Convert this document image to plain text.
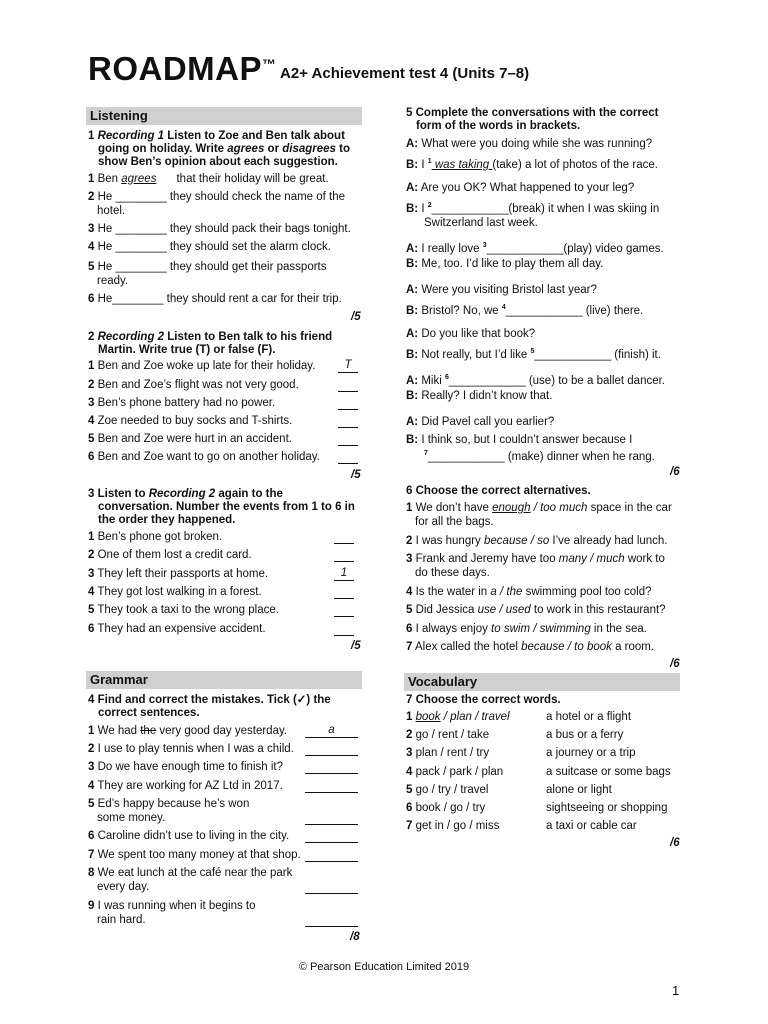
ROADMAP ™
A2+ Achievement test 4 (Units 7–8)
Listening
1 Recording 1 Listen to Zoe and Ben talk about
going on holiday. Write agrees or disagrees to
show Ben’s opinion about each suggestion.
1 Ben agrees that their holiday will be great.
2 He ________ they should check the name of the
hotel.
3 He ________ they should pack their bags tonight.
4 He ________ they should set the alarm clock.
5 He ________ they should get their passports
ready.
6 He________ they should rent a car for their trip.
/5
2 Recording 2 Listen to Ben talk to his friend
Martin. Write true (T) or false (F).
1 Ben and Zoe woke up late for their holiday.	T
2 Ben and Zoe’s flight was not very good.
3 Ben’s phone battery had no power.
4 Zoe needed to buy socks and T-shirts.
5 Ben and Zoe were hurt in an accident.
6 Ben and Zoe want to go on another holiday.
/5
3 Listen to Recording 2 again to the
conversation. Number the events from 1 to 6 in
the order they happened.
1 Ben’s phone got broken.
2 One of them lost a credit card.
3 They left their passports at home.	1
4 They got lost walking in a forest.
5 They took a taxi to the wrong place.
6 They had an expensive accident.
/5
Grammar
4 Find and correct the mistakes. Tick (✓) the
correct sentences.
1 We had the very good day yesterday.	a
2 I use to play tennis when I was a child.
3 Do we have enough time to finish it?
4 They are working for AZ Ltd in 2017.
5 Ed’s happy because he’s won
some money.
6 Caroline didn’t use to living in the city.
7 We spent too many money at that shop.
8 We eat lunch at the café near the park
every day.
9 I was running when it begins to
rain hard.
/8
5 Complete the conversations with the correct
form of the words in brackets.
A: What were you doing while she was running?
B: I $^1$ was taking (take) a lot of photos of the race.
A: Are you OK? What happened to your leg?
B: I $^2$____________(break) it when I was skiing in
Switzerland last week.
A: I really love $^3$____________(play) video games.
B: Me, too. I’d like to play them all day.
A: Were you visiting Bristol last year?
B: Bristol? No, we $^4$____________ (live) there.
A: Do you like that book?
B: Not really, but I’d like $^5$____________ (finish) it.
A: Miki $^6$____________ (use) to be a ballet dancer.
B: Really? I didn’t know that.
A: Did Pavel call you earlier?
B: I think so, but I couldn’t answer because I
$^7$____________ (make) dinner when he rang.
/6
6 Choose the correct alternatives.
1 We don’t have enough / too much space in the car
for all the bags.
2 I was hungry because / so I’ve already had lunch.
3 Frank and Jeremy have too many / much work to
do these days.
4 Is the water in a / the swimming pool too cold?
5 Did Jessica use / used to work in this restaurant?
6 I always enjoy to swim / swimming in the sea.
7 Alex called the hotel because / to book a room.
/6
Vocabulary
7 Choose the correct words.
1 book / plan / travel	a hotel or a flight
2 go / rent / take	a bus or a ferry
3 plan / rent / try	a journey or a trip
4 pack / park / plan	a suitcase or some bags
5 go / try / travel	alone or light
6 book / go / try	sightseeing or shopping
7 get in / go / miss	a taxi or cable car
/6
© Pearson Education Limited 2019
1
